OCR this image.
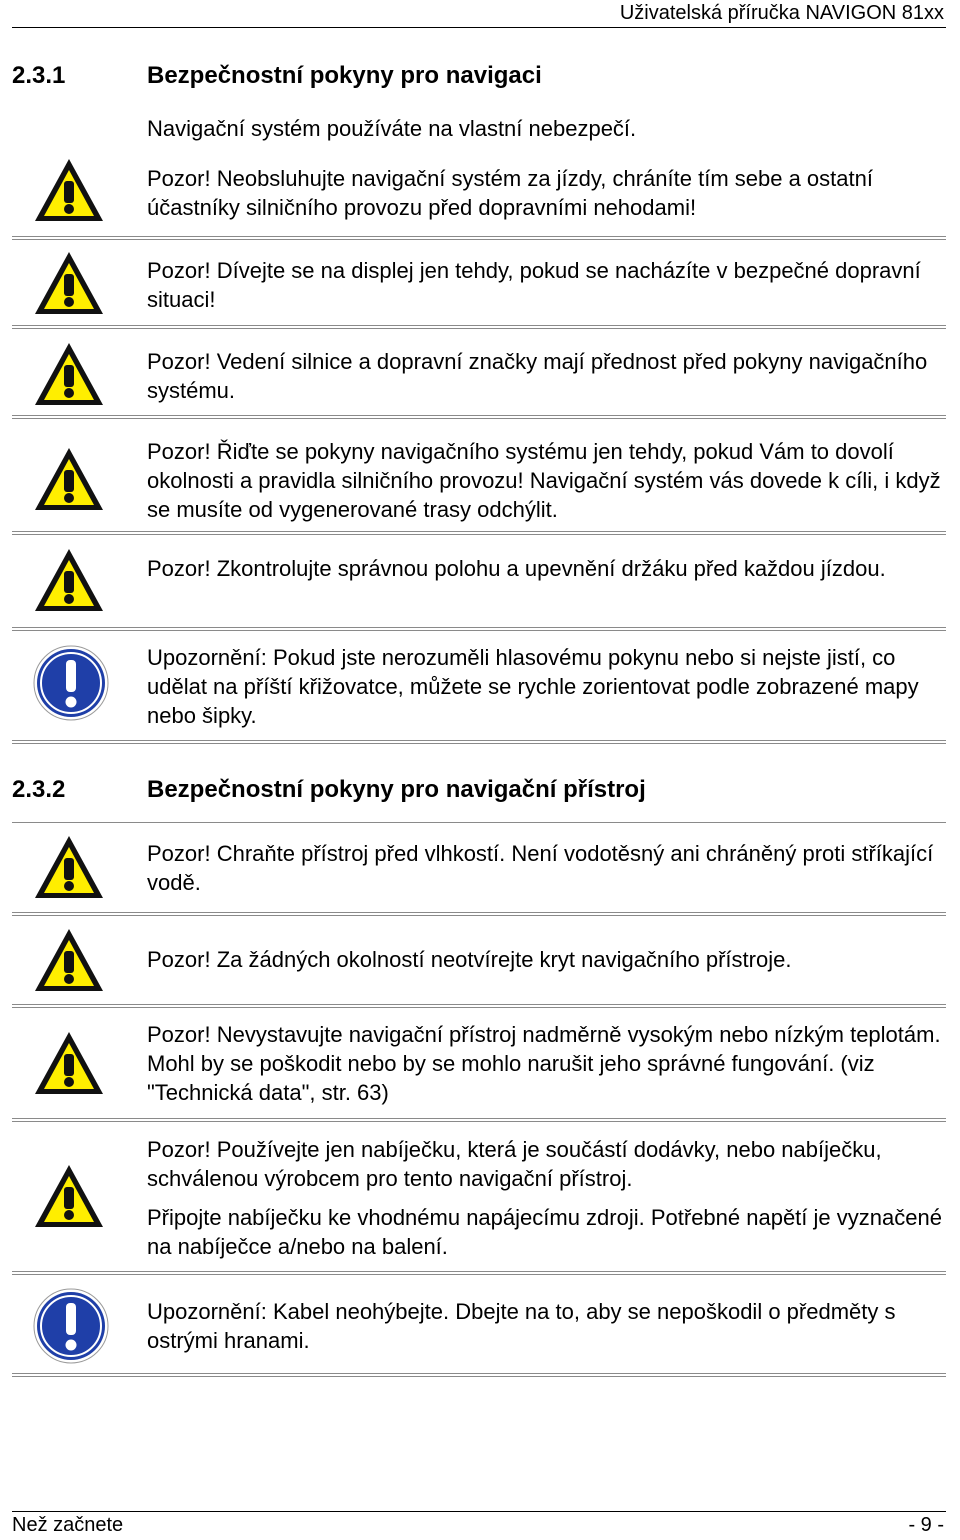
Uživatelská příručka NAVIGON 81xx
2.3.1	Bezpečnostní pokyny pro navigaci

Navigační systém používáte na vlastní nebezpečí.

Pozor! Neobsluhujte navigační systém za jízdy, chráníte tím sebe a ostatní účastníky silničního provozu před dopravními nehodami!

Pozor! Dívejte se na displej jen tehdy, pokud se nacházíte v bezpečné dopravní situaci!

Pozor! Vedení silnice a dopravní značky mají přednost před pokyny navigačního systému.

Pozor! Řiďte se pokyny navigačního systému jen tehdy, pokud Vám to dovolí okolnosti a pravidla silničního provozu! Navigační systém vás dovede k cíli, i když se musíte od vygenerované trasy odchýlit.

Pozor! Zkontrolujte správnou polohu a upevnění držáku před každou jízdou.

Upozornění: Pokud jste nerozuměli hlasovému pokynu nebo si nejste jistí, co udělat na příští křižovatce, můžete se rychle zorientovat podle zobrazené mapy nebo šipky.

2.3.2	Bezpečnostní pokyny pro navigační přístroj

Pozor! Chraňte přístroj před vlhkostí. Není vodotěsný ani chráněný proti stříkající vodě.

Pozor! Za žádných okolností neotvírejte kryt navigačního přístroje.

Pozor! Nevystavujte navigační přístroj nadměrně vysokým nebo nízkým teplotám. Mohl by se poškodit nebo by se mohlo narušit jeho správné fungování. (viz "Technická data", str. 63)

Pozor! Používejte jen nabíječku, která je součástí dodávky, nebo nabíječku, schválenou výrobcem pro tento navigační přístroj.

Připojte nabíječku ke vhodnému napájecímu zdroji. Potřebné napětí je vyznačené na nabíječce a/nebo na balení.

Upozornění: Kabel neohýbejte. Dbejte na to, aby se nepoškodil o předměty s ostrými hranami.

Než začnete	- 9 -
